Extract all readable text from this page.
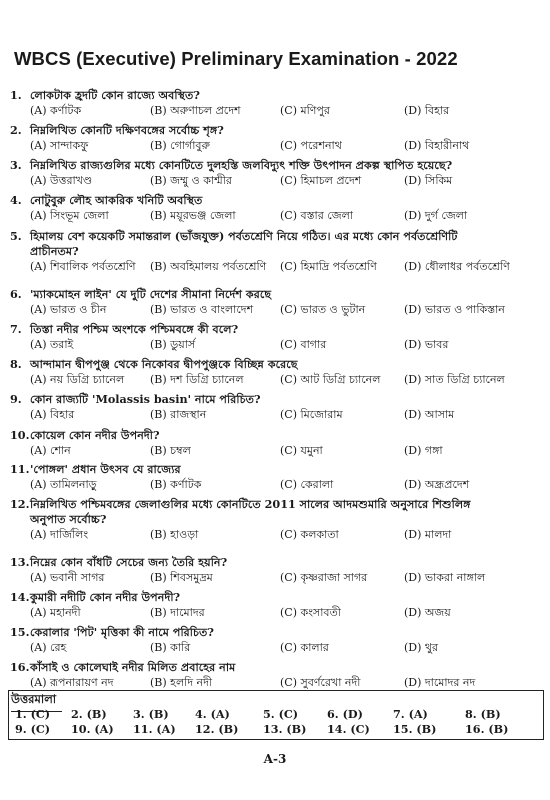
WBCS (Executive) Preliminary Examination - 2022
1. লোকটাক হ্রদটি কোন রাজ্যে অবস্থিত?
(A) কর্ণাটক	(B) অরুণাচল প্রদেশ	(C) মণিপুর	(D) বিহার
2. নিম্নলিখিত কোনটি দক্ষিণবঙ্গের সর্বোচ্চ শৃঙ্গ?
(A) সান্দাকফু	(B) গোর্গাবুরু	(C) পরেশনাথ	(D) বিহারীনাথ
3. নিম্নলিখিত রাজ্যগুলির মধ্যে কোনটিতে দুলহস্তি জলবিদ্যুৎ শক্তি উৎপাদন প্রকল্প স্থাপিত হয়েছে?
(A) উত্তরাখণ্ড	(B) জম্মু ও কাশ্মীর	(C) হিমাচল প্রদেশ	(D) সিকিম
4. নোটুবুরু লৌহ আকরিক খনিটি অবস্থিত
(A) সিংভূম জেলা	(B) ময়ূরভঞ্জ জেলা	(C) বস্তার জেলা	(D) দুর্গ জেলা
5. হিমালয় বেশ কয়েকটি সমান্তরাল (ভাঁজযুক্ত) পর্বতশ্রেণি নিয়ে গঠিত। এর মধ্যে কোন পর্বতশ্রেণিটি
প্রাচীনতম?
(A) শিবালিক পর্বতশ্রেণি (B) অবহিমালয় পর্বতশ্রেণি (C) হিমাদ্রি পর্বতশ্রেণি (D) ধৌলাধর পর্বতশ্রেণি
6. 'ম্যাকমোহন লাইন' যে দুটি দেশের সীমানা নির্দেশ করছে
(A) ভারত ও চীন	(B) ভারত ও বাংলাদেশ (C) ভারত ও ভুটান	(D) ভারত ও পাকিস্তান
7. তিস্তা নদীর পশ্চিম অংশকে পশ্চিমবঙ্গে কী বলে?
(A) তরাই	(B) ডুয়ার্স	(C) বাগার	(D) ভাবর
8. আন্দামান দ্বীপপুঞ্জ থেকে নিকোবর দ্বীপপুঞ্জকে বিচ্ছিন্ন করেছে
(A) নয় ডিগ্রি চ্যানেল (B) দশ ডিগ্রি চ্যানেল	(C) আট ডিগ্রি চ্যানেল (D) সাত ডিগ্রি চ্যানেল
9. কোন রাজ্যটি 'Molassis basin' নামে পরিচিত?
(A) বিহার	(B) রাজস্থান	(C) মিজোরাম	(D) আসাম
10.কোয়েল কোন নদীর উপনদী?
(A) শোন	(B) চম্বল	(C) যমুনা	(D) গঙ্গা
11.'পোঙ্গল' প্রধান উৎসব যে রাজ্যের
(A) তামিলনাড়ু	(B) কর্ণাটক	(C) কেরালা	(D) অন্ধ্রপ্রদেশ
12.নিম্নলিখিত পশ্চিমবঙ্গের জেলাগুলির মধ্যে কোনটিতে 2011 সালের আদমশুমারি অনুসারে শিশুলিঙ্গ
অনুপাত সর্বোচ্চ?
(A) দার্জিলিং	(B) হাওড়া	(C) কলকাতা	(D) মালদা
13.নিম্নের কোন বাঁধটি সেচের জন্য তৈরি হয়নি?
(A) ভবানী সাগর	(B) শিবসমুদ্রম	(C) কৃষ্ণরাজা সাগর	(D) ভাকরা নাঙ্গাল
14.কুমারী নদীটি কোন নদীর উপনদী?
(A) মহানদী	(B) দামোদর	(C) কংসাবতী	(D) অজয়
15.কেরালার 'পিট' মৃত্তিকা কী নামে পরিচিত?
(A) রেহ	(B) কারি	(C) কালার	(D) থুর
16.কাঁসাই ও কোলেঘাই নদীর মিলিত প্রবাহের নাম
(A) রূপনারায়ণ নদ	(B) হলদি নদী	(C) সুবর্ণরেখা নদী	(D) দামোদর নদ
উত্তরমালা
1. (C) 2. (B) 3. (B) 4. (A)	5. (C)	6. (D)	7. (A)	8. (B)
9. (C) 10. (A) 11. (A) 12. (B) 13. (B) 14. (C) 15. (B)	16. (B)
A-3
